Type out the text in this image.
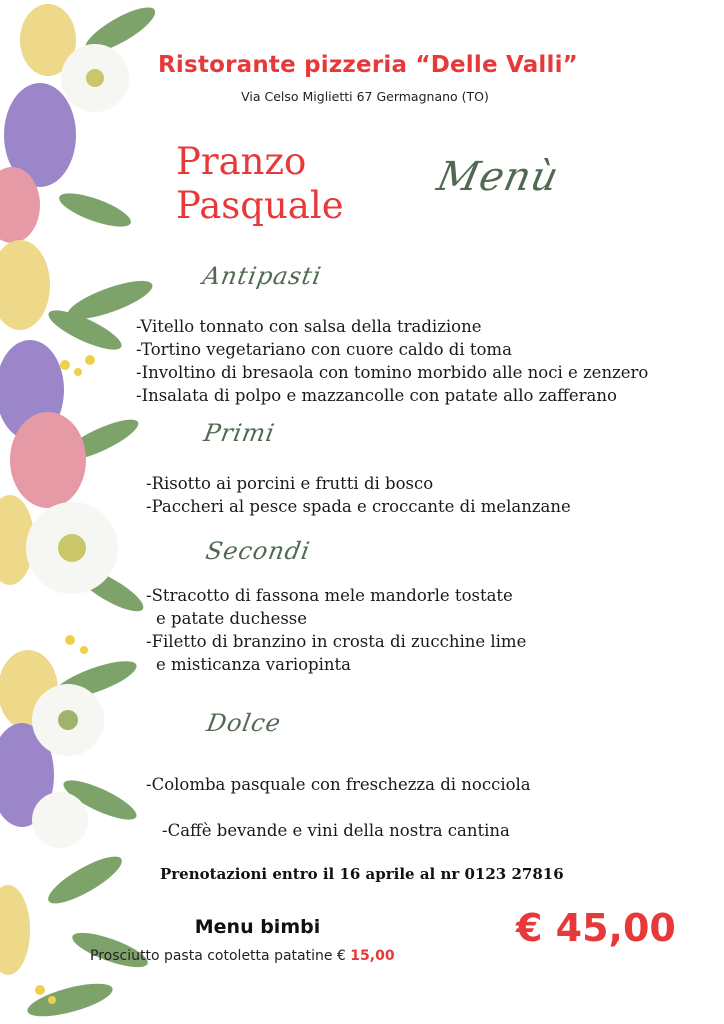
Ristorante pizzeria “Delle Valli”
Via Celso Miglietti 67 Germagnano (TO)
Pranzo
Pasquale
Menù
Antipasti
-Vitello tonnato con salsa della tradizione
-Tortino vegetariano con cuore caldo di toma
-Involtino di bresaola con tomino morbido alle noci e zenzero
-Insalata di polpo e mazzancolle con patate allo zafferano
Primi
-Risotto ai porcini e frutti di bosco
-Paccheri al pesce spada e croccante di melanzane
Secondi
-Stracotto di fassona mele mandorle tostate
e patate duchesse
-Filetto di branzino in crosta di zucchine lime
e misticanza variopinta
Dolce
-Colomba pasquale con freschezza di nocciola
-Caffè bevande e vini della nostra cantina
Prenotazioni entro il 16 aprile al nr 0123 27816
Menu bimbi
Prosciutto pasta cotoletta patatine € 15,00
€ 45,00
